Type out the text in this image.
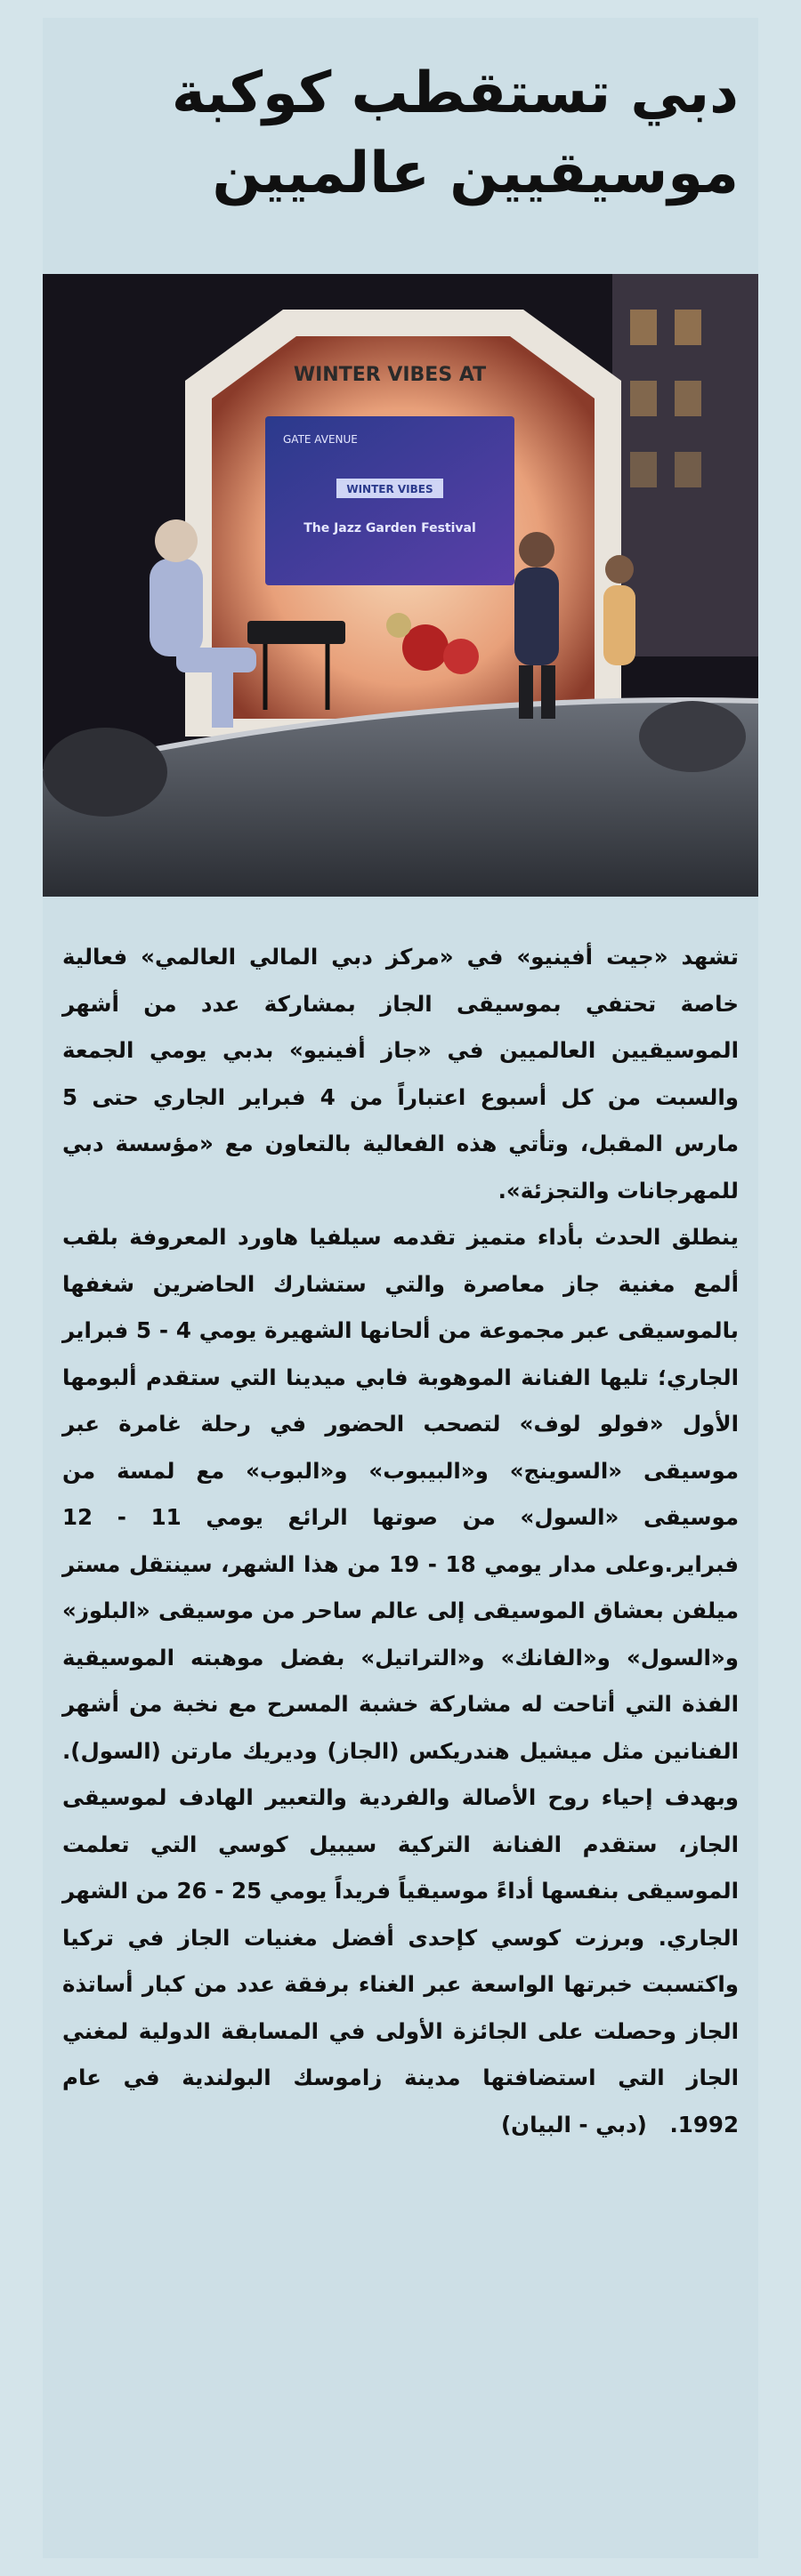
دبي تستقطب كوكبة
موسيقيين عالميين
WINTER VIBES AT
GATE AVENUE
WINTER VIBES
The Jazz Garden Festival

تشهد «جيت أفينيو» في «مركز دبي المالي العالمي» فعالية خاصة تحتفي بموسيقى الجاز بمشاركة عدد من أشهر الموسيقيين العالميين في «جاز أفينيو» بدبي يومي الجمعة والسبت من كل أسبوع اعتباراً من 4 فبراير الجاري حتى 5 مارس المقبل، وتأتي هذه الفعالية بالتعاون مع «مؤسسة دبي للمهرجانات والتجزئة».

ينطلق الحدث بأداء متميز تقدمه سيلفيا هاورد المعروفة بلقب ألمع مغنية جاز معاصرة والتي ستشارك الحاضرين شغفها بالموسيقى عبر مجموعة من ألحانها الشهيرة يومي 4 - 5 فبراير الجاري؛ تليها الفنانة الموهوبة فابي ميدينا التي ستقدم ألبومها الأول «فولو لوف» لتصحب الحضور في رحلة غامرة عبر موسيقى «السوينج» و«البيبوب» و«البوب» مع لمسة من موسيقى «السول» من صوتها الرائع يومي 11 - 12 فبراير.وعلى مدار يومي 18 - 19 من هذا الشهر، سينتقل مستر ميلفن بعشاق الموسيقى إلى عالم ساحر من موسيقى «البلوز» و«السول» و«الفانك» و«التراتيل» بفضل موهبته الموسيقية الفذة التي أتاحت له مشاركة خشبة المسرح مع نخبة من أشهر الفنانين مثل ميشيل هندريكس (الجاز) وديريك مارتن (السول). وبهدف إحياء روح الأصالة والفردية والتعبير الهادف لموسيقى الجاز، ستقدم الفنانة التركية سيبيل كوسي التي تعلمت الموسيقى بنفسها أداءً موسيقياً فريداً يومي 25 - 26 من الشهر الجاري. وبرزت كوسي كإحدى أفضل مغنيات الجاز في تركيا واكتسبت خبرتها الواسعة عبر الغناء برفقة عدد من كبار أساتذة الجاز وحصلت على الجائزة الأولى في المسابقة الدولية لمغني الجاز التي استضافتها مدينة زاموسك البولندية في عام 1992.   (دبي - البيان)
